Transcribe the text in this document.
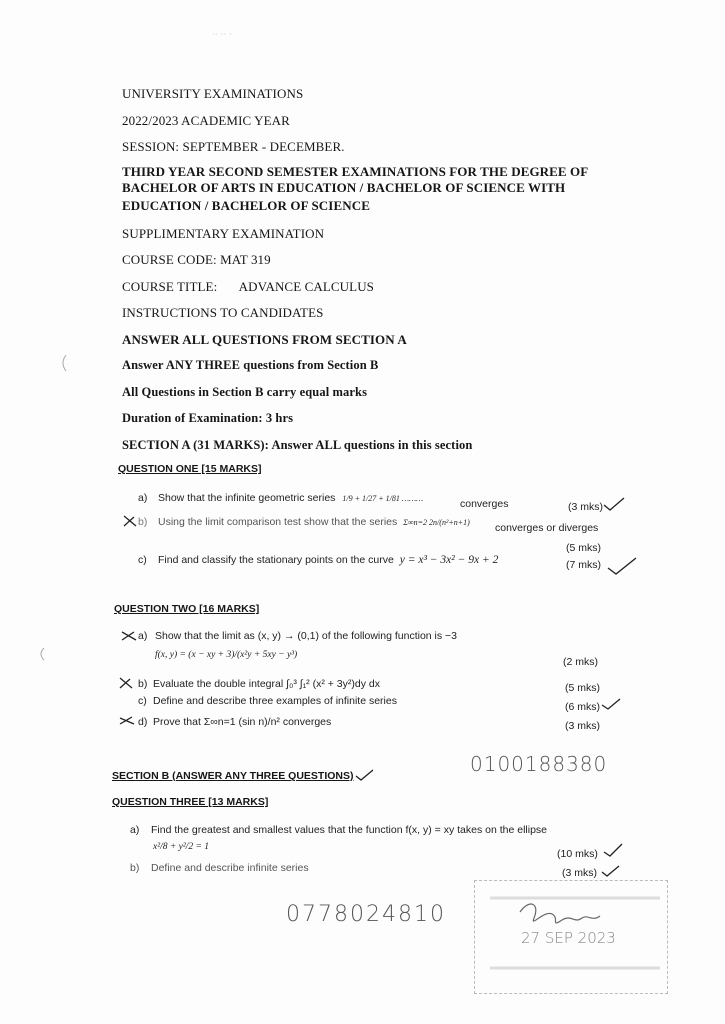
·· ·· ·
UNIVERSITY EXAMINATIONS
2022/2023 ACADEMIC YEAR
SESSION: SEPTEMBER - DECEMBER.
THIRD YEAR SECOND SEMESTER EXAMINATIONS FOR THE DEGREE OF
BACHELOR OF ARTS IN EDUCATION / BACHELOR OF SCIENCE WITH
EDUCATION / BACHELOR OF SCIENCE
SUPPLIMENTARY EXAMINATION
COURSE CODE: MAT 319
COURSE TITLE: ADVANCE CALCULUS
INSTRUCTIONS TO CANDIDATES
ANSWER ALL QUESTIONS FROM SECTION A
Answer ANY THREE questions from Section B
All Questions in Section B carry equal marks
Duration of Examination: 3 hrs
SECTION A (31 MARKS): Answer ALL questions in this section
QUESTION ONE [15 MARKS]
a) Show that the infinite geometric series 1/9 + 1/27 + 1/81 ………	converges	(3 mks)
b) Using the limit comparison test show that the series Σ∞n=2 2n/(n²+n+1) converges or diverges
(5 mks)
c) Find and classify the stationary points on the curve y = x³ − 3x² − 9x + 2	(7 mks)
QUESTION TWO [16 MARKS]
a) Show that the limit as (x, y) → (0,1) of the following function is −3
f(x, y) = (x − xy + 3)/(x²y + 5xy − y³)
(2 mks)
b) Evaluate the double integral ∫₀³ ∫₁² (x² + 3y²)dy dx	(5 mks)
c) Define and describe three examples of infinite series	(6 mks)
d) Prove that Σ∞n=1 (sin n)/n² converges	(3 mks)
0100188380
SECTION B (ANSWER ANY THREE QUESTIONS)
QUESTION THREE [13 MARKS]
a) Find the greatest and smallest values that the function f(x, y) = xy takes on the ellipse
x²/8 + y²/2 = 1
(10 mks)
b) Define and describe infinite series	(3 mks)
0778024810
27 SEP 2023
